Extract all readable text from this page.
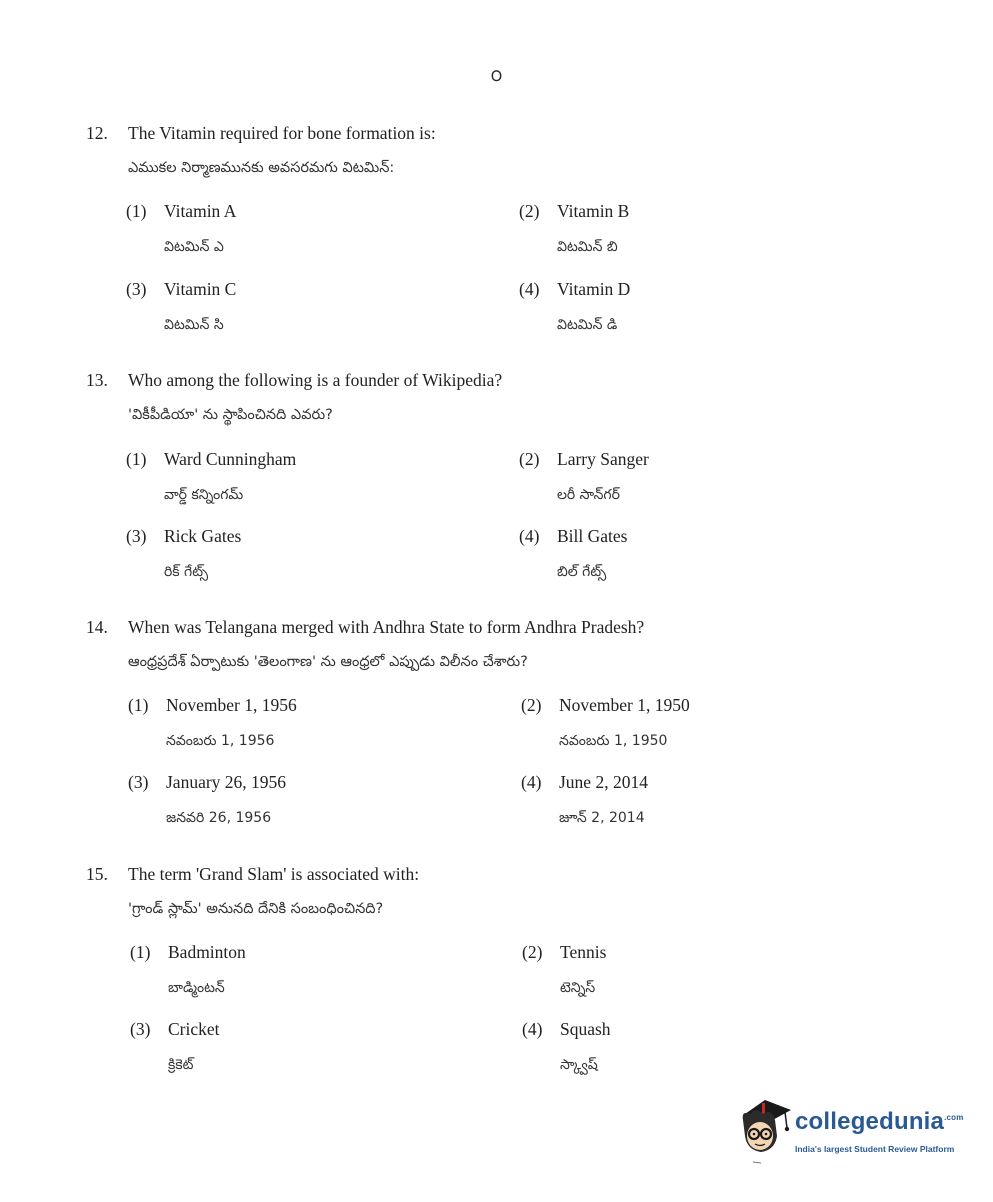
౦
12. The Vitamin required for bone formation is:
ఎముకల నిర్మాణమునకు అవసరమగు విటమిన్:
(1) Vitamin A
విటమిన్ ఎ
(2) Vitamin B
విటమిన్ బి
(3) Vitamin C
విటమిన్ సి
(4) Vitamin D
విటమిన్ డి
13. Who among the following is a founder of Wikipedia?
'వికీపీడియా' ను స్థాపించినది ఎవరు?
(1) Ward Cunningham
వార్డ్ కన్నింగమ్
(2) Larry Sanger
లరీ సాన్‌గర్
(3) Rick Gates
రిక్ గేట్స్
(4) Bill Gates
బిల్ గేట్స్
14. When was Telangana merged with Andhra State to form Andhra Pradesh?
ఆంధ్రప్రదేశ్ ఏర్పాటుకు 'తెలంగాణ' ను ఆంధ్రలో ఎప్పుడు విలీనం చేశారు?
(1) November 1, 1956
నవంబరు 1, 1956
(2) November 1, 1950
నవంబరు 1, 1950
(3) January 26, 1956
జనవరి 26, 1956
(4) June 2, 2014
జూన్ 2, 2014
15. The term 'Grand Slam' is associated with:
'గ్రాండ్ స్లామ్' అనునది దేనికి సంబంధించినది?
(1) Badminton
బాడ్మింటన్
(2) Tennis
టెన్నిస్
(3) Cricket
క్రికెట్
(4) Squash
స్క్వాష్
collegedunia$^{.com}$
India's largest Student Review Platform
